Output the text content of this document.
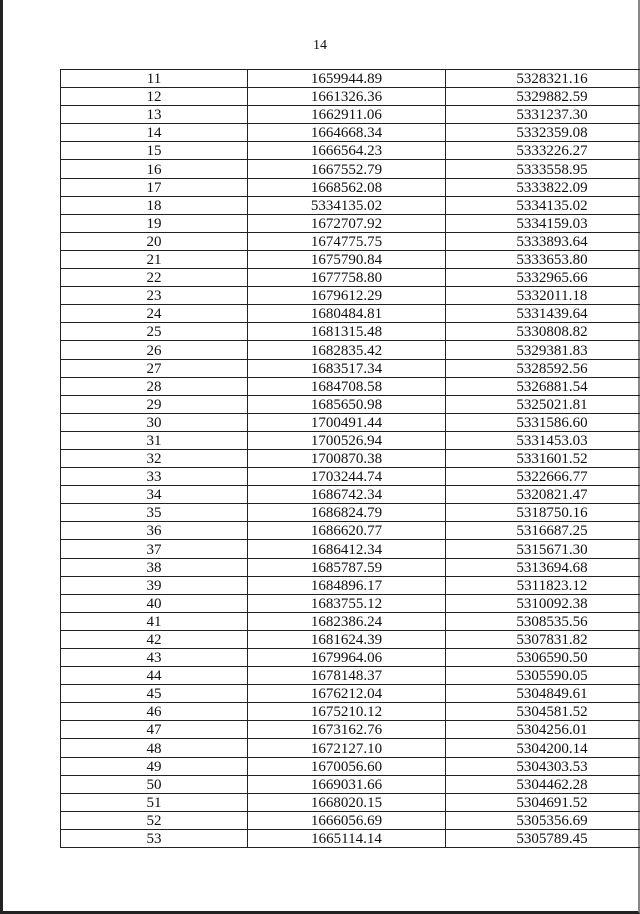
14
11	1659944.89	5328321.16
12	1661326.36	5329882.59
13	1662911.06	5331237.30
14	1664668.34	5332359.08
15	1666564.23	5333226.27
16	1667552.79	5333558.95
17	1668562.08	5333822.09
18	5334135.02	5334135.02
19	1672707.92	5334159.03
20	1674775.75	5333893.64
21	1675790.84	5333653.80
22	1677758.80	5332965.66
23	1679612.29	5332011.18
24	1680484.81	5331439.64
25	1681315.48	5330808.82
26	1682835.42	5329381.83
27	1683517.34	5328592.56
28	1684708.58	5326881.54
29	1685650.98	5325021.81
30	1700491.44	5331586.60
31	1700526.94	5331453.03
32	1700870.38	5331601.52
33	1703244.74	5322666.77
34	1686742.34	5320821.47
35	1686824.79	5318750.16
36	1686620.77	5316687.25
37	1686412.34	5315671.30
38	1685787.59	5313694.68
39	1684896.17	5311823.12
40	1683755.12	5310092.38
41	1682386.24	5308535.56
42	1681624.39	5307831.82
43	1679964.06	5306590.50
44	1678148.37	5305590.05
45	1676212.04	5304849.61
46	1675210.12	5304581.52
47	1673162.76	5304256.01
48	1672127.10	5304200.14
49	1670056.60	5304303.53
50	1669031.66	5304462.28
51	1668020.15	5304691.52
52	1666056.69	5305356.69
53	1665114.14	5305789.45
